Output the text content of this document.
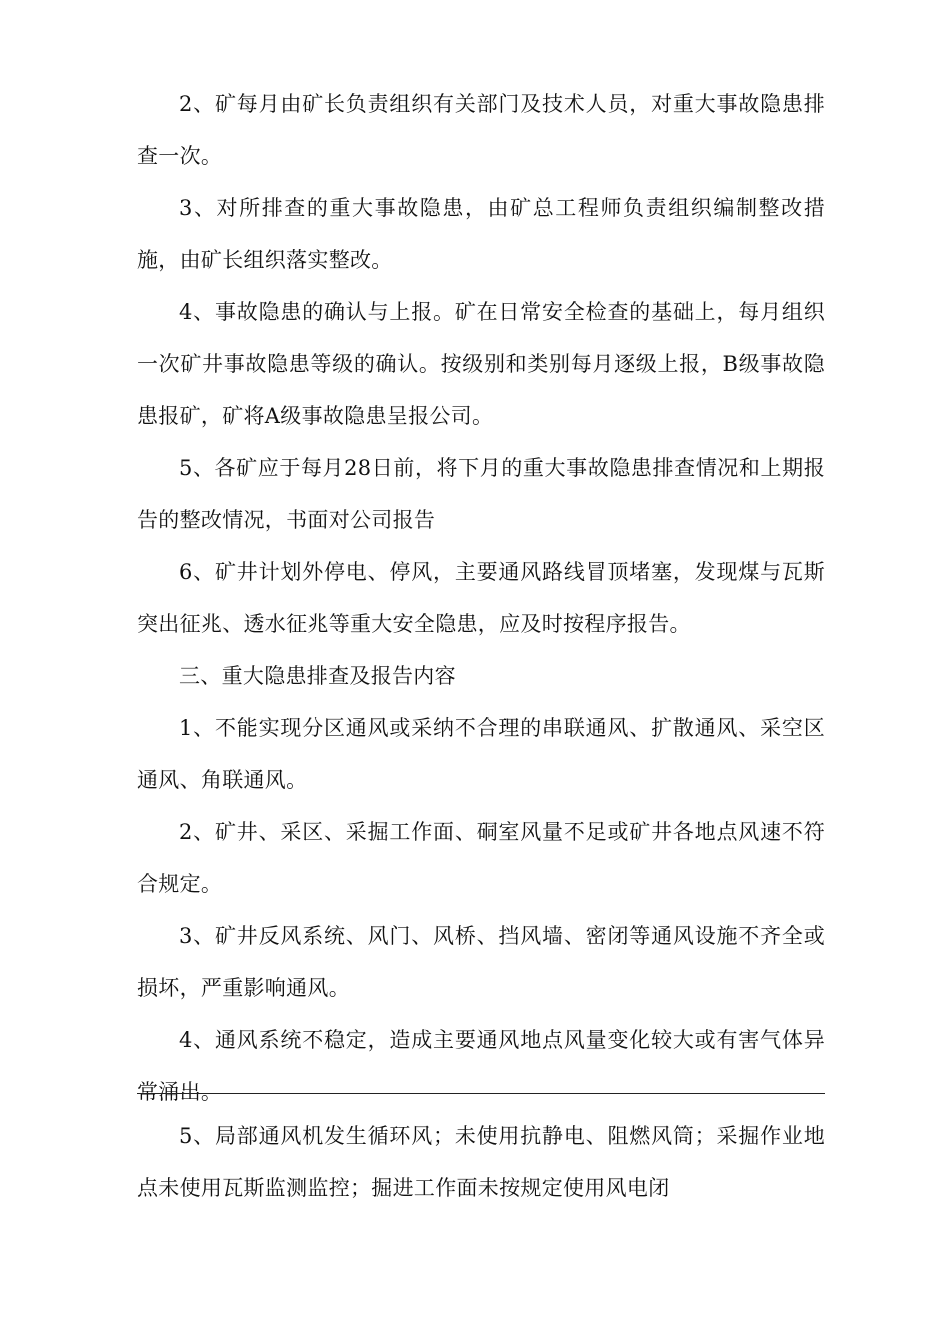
2、矿每月由矿长负责组织有关部门及技术人员，对重大事故隐患排查一次。

3、对所排查的重大事故隐患，由矿总工程师负责组织编制整改措施，由矿长组织落实整改。

4、事故隐患的确认与上报。矿在日常安全检查的基础上，每月组织一次矿井事故隐患等级的确认。按级别和类别每月逐级上报，B级事故隐患报矿，矿将A级事故隐患呈报公司。

5、各矿应于每月28日前，将下月的重大事故隐患排查情况和上期报告的整改情况，书面对公司报告

6、矿井计划外停电、停风，主要通风路线冒顶堵塞，发现煤与瓦斯突出征兆、透水征兆等重大安全隐患，应及时按程序报告。

三、重大隐患排查及报告内容

1、不能实现分区通风或采纳不合理的串联通风、扩散通风、采空区通风、角联通风。

2、矿井、采区、采掘工作面、硐室风量不足或矿井各地点风速不符合规定。

3、矿井反风系统、风门、风桥、挡风墙、密闭等通风设施不齐全或损坏，严重影响通风。

4、通风系统不稳定，造成主要通风地点风量变化较大或有害气体异常涌出。

5、局部通风机发生循环风；未使用抗静电、阻燃风筒；采掘作业地点未使用瓦斯监测监控；掘进工作面未按规定使用风电闭
